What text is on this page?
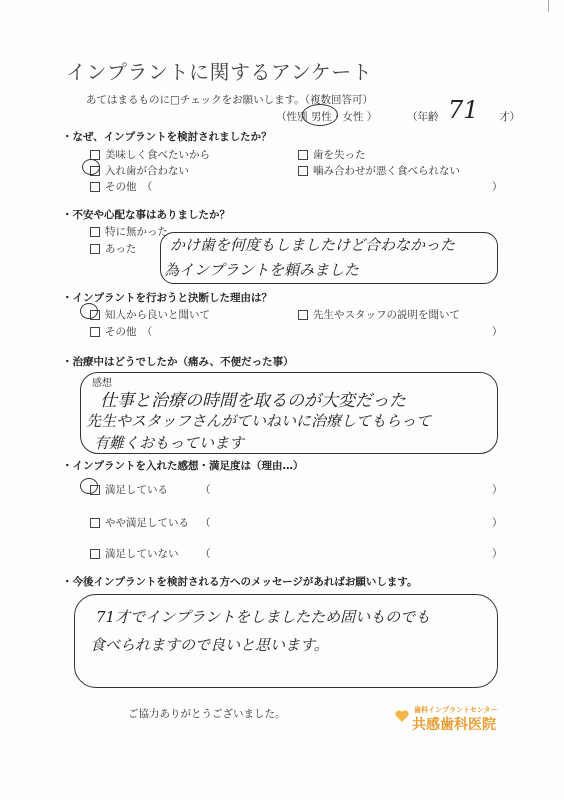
インプラントに関するアンケート
あてはまるものに□チェックをお願いします。（複数回答可）
（性別 男性・女性 ）	（年齢	才）
71
・ なぜ、インプラントを検討されましたか？
美味しく食べたいから	歯を失った
入れ歯が合わない	噛み合わせが悪く食べられない
その他　（	）
・ 不安や心配な事はありましたか？
特に無かった
あった かけ歯を何度もしましたけど合わなかった
為インプラントを頼みました
・ インプラントを行おうと決断した理由は？
知人から良いと聞いて	先生やスタッフの説明を聞いて
その他　（	）
・ 治療中はどうでしたか（痛み、不便だった事）
感想
仕事と治療の時間を取るのが大変だった
先生やスタッフさんがていねいに治療してもらって
有難くおもっています
・ インプラントを入れた感想・満足度は（理由…）
満足している	（	）
やや満足している （	）
満足していない （	）
・ 今後インプラントを検討される方へのメッセージがあればお願いします。
71才でインプラントをしましたため固いものでも
食べられますので良いと思います。
ご協力ありがとうございました。	歯科インプラントセンター
共感歯科医院
